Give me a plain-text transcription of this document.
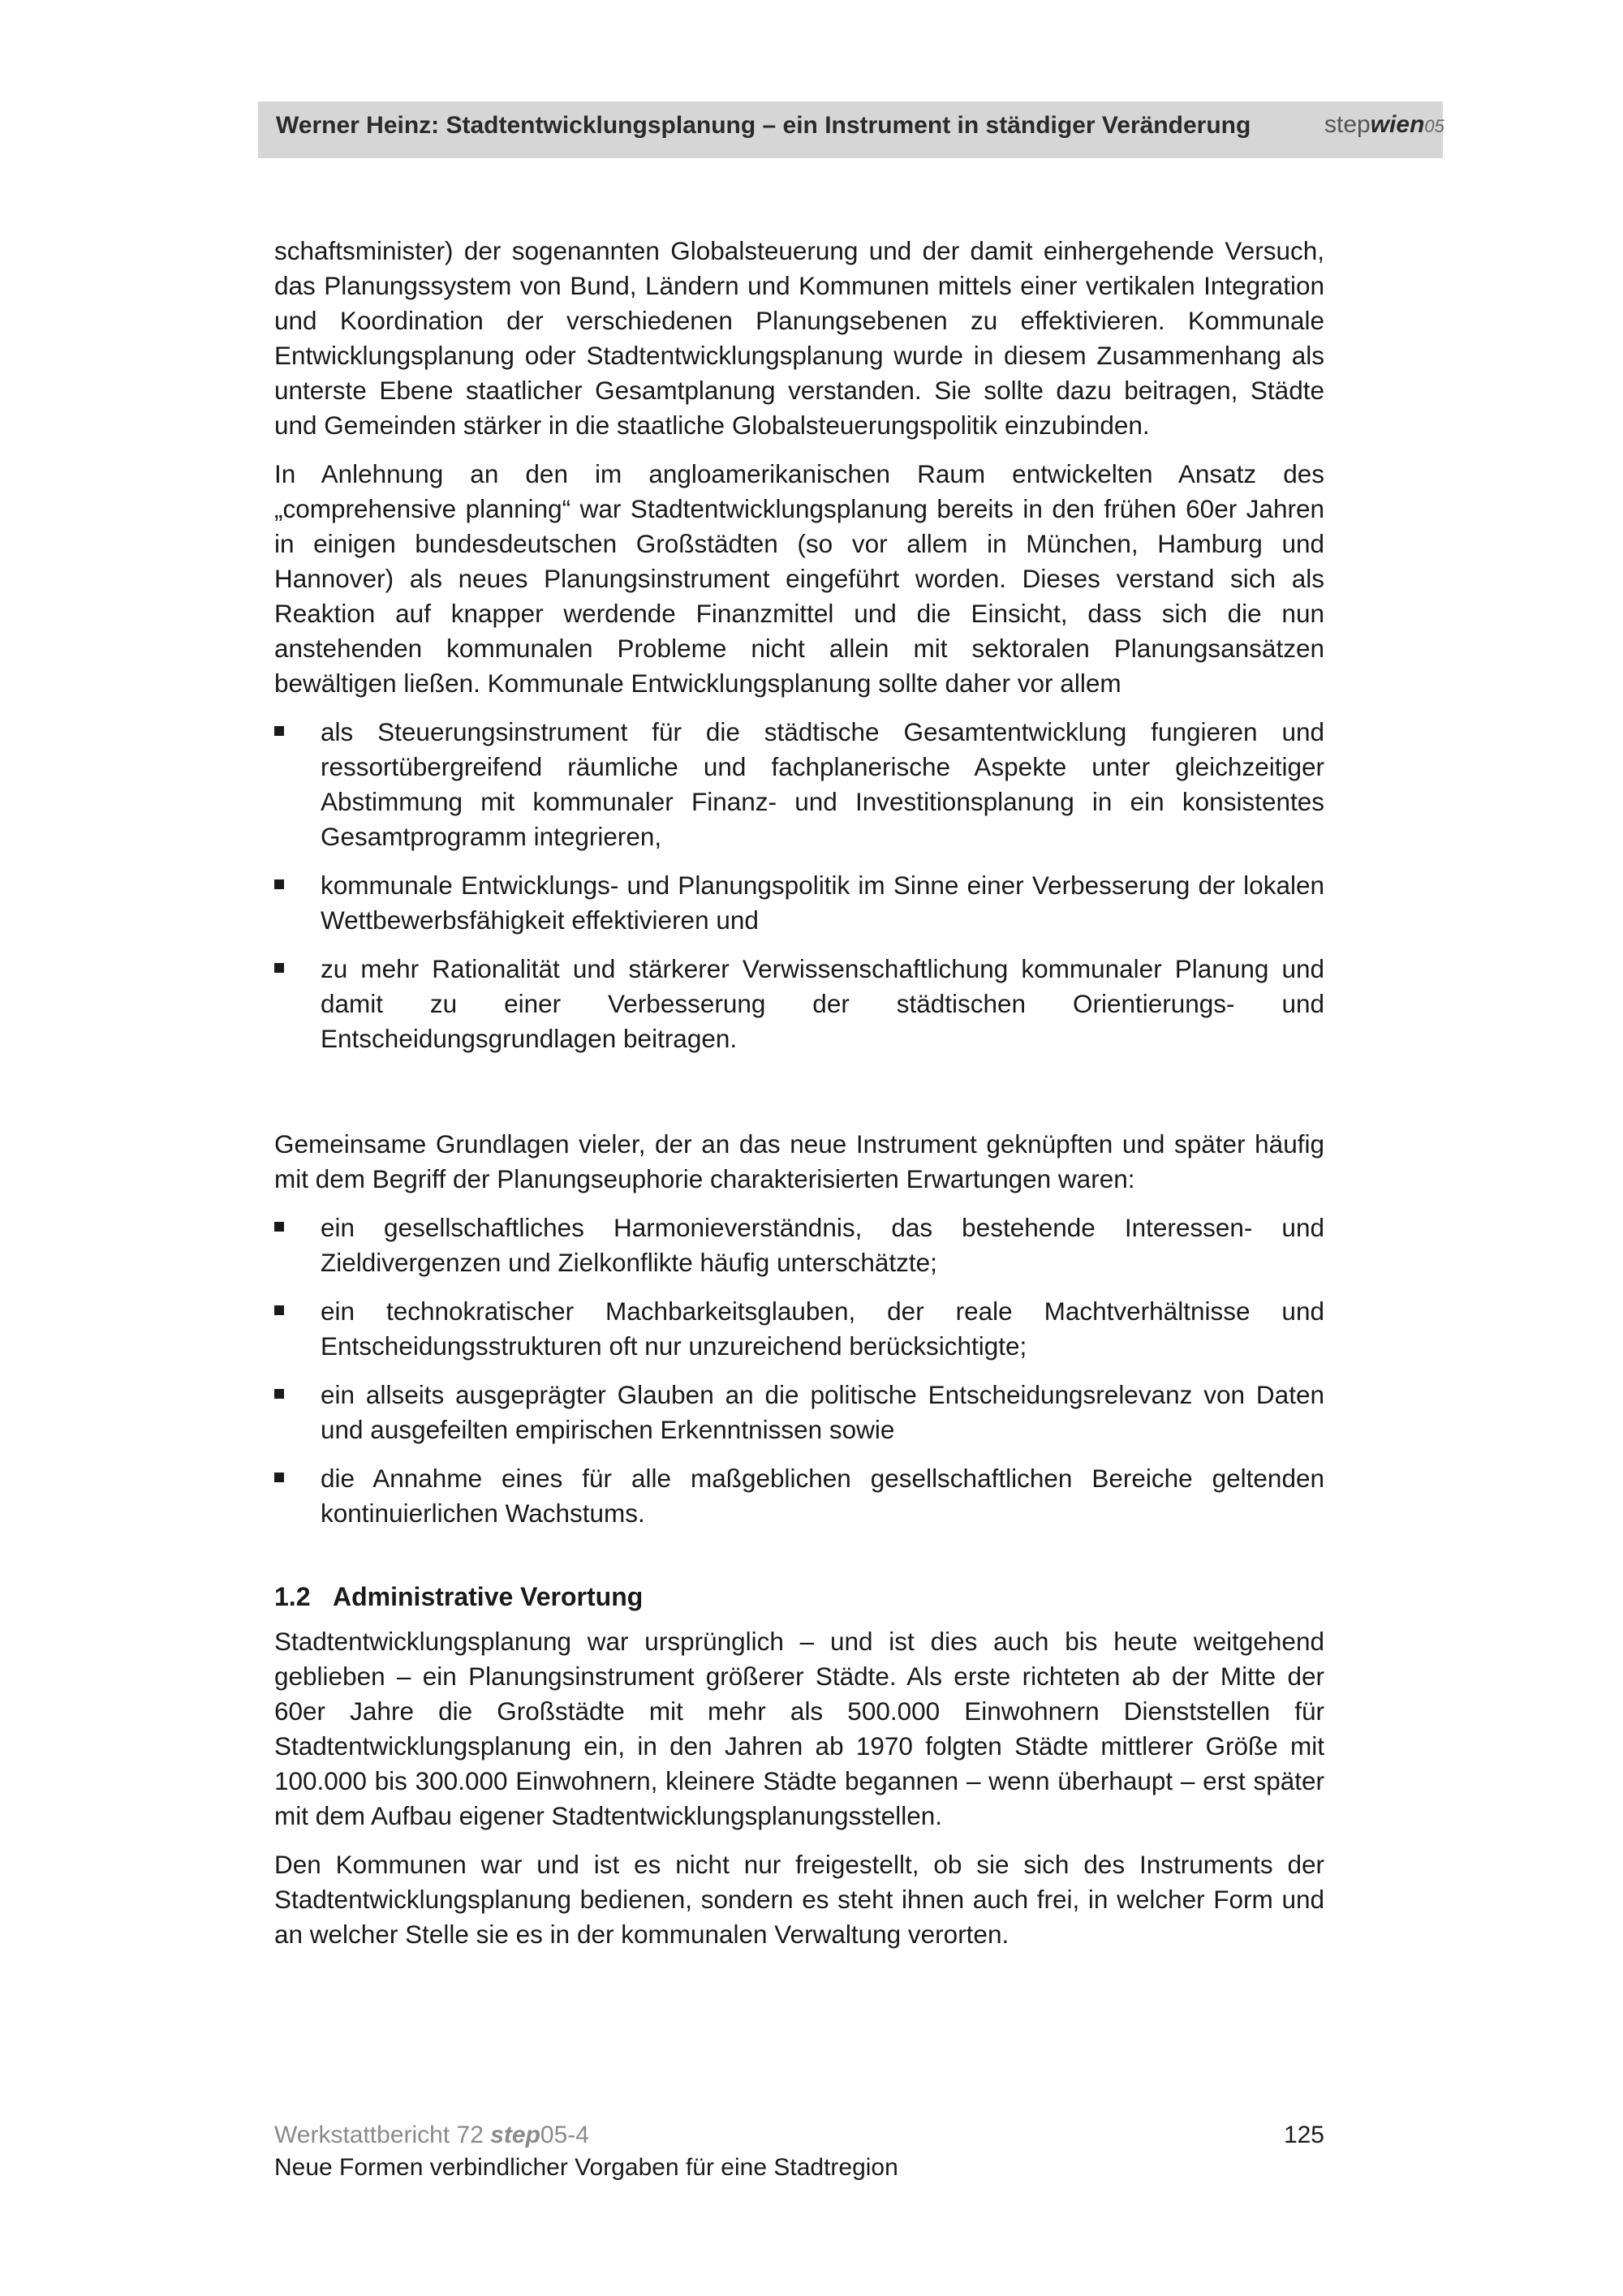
Werner Heinz: Stadtentwicklungsplanung – ein Instrument in ständiger Veränderung	stepwien05

schaftsminister) der sogenannten Globalsteuerung und der damit einhergehende Versuch, das Planungssystem von Bund, Ländern und Kommunen mittels einer vertikalen Integration und Koordination der verschiedenen Planungsebenen zu effektivieren. Kommunale Entwicklungsplanung oder Stadtentwicklungsplanung wurde in diesem Zusammenhang als unterste Ebene staatlicher Gesamtplanung verstanden. Sie sollte dazu beitragen, Städte und Gemeinden stärker in die staatliche Globalsteuerungspolitik einzubinden.

In Anlehnung an den im angloamerikanischen Raum entwickelten Ansatz des „comprehensive planning“ war Stadtentwicklungsplanung bereits in den frühen 60er Jahren in einigen bundesdeutschen Großstädten (so vor allem in München, Hamburg und Hannover) als neues Planungsinstrument eingeführt worden. Dieses verstand sich als Reaktion auf knapper werdende Finanzmittel und die Einsicht, dass sich die nun anstehenden kommunalen Probleme nicht allein mit sektoralen Planungsansätzen bewältigen ließen. Kommunale Entwicklungsplanung sollte daher vor allem

als Steuerungsinstrument für die städtische Gesamtentwicklung fungieren und ressortübergreifend räumliche und fachplanerische Aspekte unter gleichzeitiger Abstimmung mit kommunaler Finanz- und Investitionsplanung in ein konsistentes Gesamtprogramm integrieren,
kommunale Entwicklungs- und Planungspolitik im Sinne einer Verbesserung der lokalen Wettbewerbsfähigkeit effektivieren und
zu mehr Rationalität und stärkerer Verwissenschaftlichung kommunaler Planung und damit zu einer Verbesserung der städtischen Orientierungs- und Entscheidungsgrundlagen beitragen.

Gemeinsame Grundlagen vieler, der an das neue Instrument geknüpften und später häufig mit dem Begriff der Planungseuphorie charakterisierten Erwartungen waren:

ein gesellschaftliches Harmonieverständnis, das bestehende Interessen- und Zieldivergenzen und Zielkonflikte häufig unterschätzte;
ein technokratischer Machbarkeitsglauben, der reale Machtverhältnisse und Entscheidungsstrukturen oft nur unzureichend berücksichtigte;
ein allseits ausgeprägter Glauben an die politische Entscheidungsrelevanz von Daten und ausgefeilten empirischen Erkenntnissen sowie
die Annahme eines für alle maßgeblichen gesellschaftlichen Bereiche geltenden kontinuierlichen Wachstums.
1.2 Administrative Verortung

Stadtentwicklungsplanung war ursprünglich – und ist dies auch bis heute weitgehend geblieben – ein Planungsinstrument größerer Städte. Als erste richteten ab der Mitte der 60er Jahre die Großstädte mit mehr als 500.000 Einwohnern Dienststellen für Stadtentwicklungsplanung ein, in den Jahren ab 1970 folgten Städte mittlerer Größe mit 100.000 bis 300.000 Einwohnern, kleinere Städte begannen – wenn überhaupt – erst später mit dem Aufbau eigener Stadtentwicklungsplanungsstellen.

Den Kommunen war und ist es nicht nur freigestellt, ob sie sich des Instruments der Stadtentwicklungsplanung bedienen, sondern es steht ihnen auch frei, in welcher Form und an welcher Stelle sie es in der kommunalen Verwaltung verorten.

Werkstattbericht 72 step05-4	125
Neue Formen verbindlicher Vorgaben für eine Stadtregion
